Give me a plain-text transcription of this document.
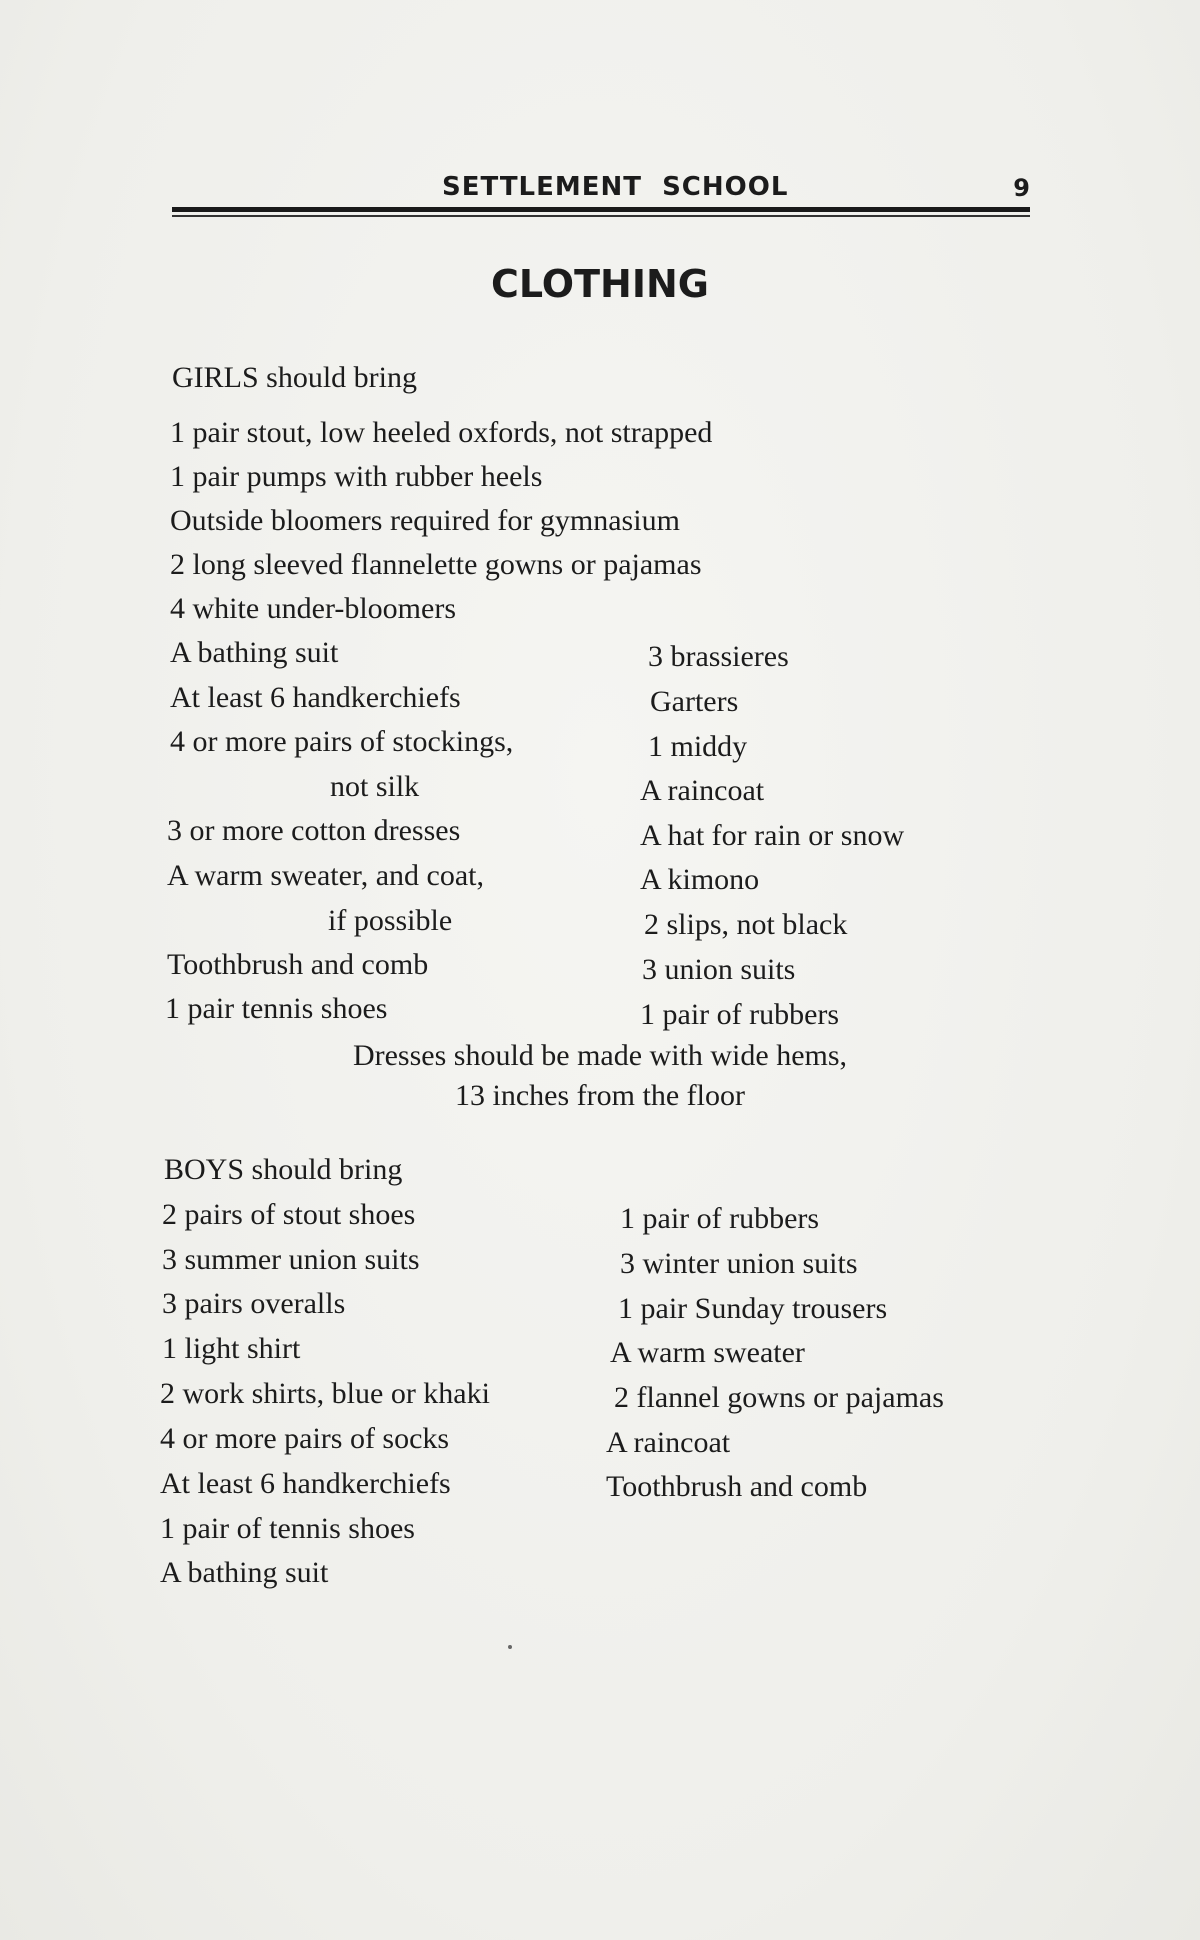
SETTLEMENT SCHOOL	9
CLOTHING
GIRLS should bring
1 pair stout, low heeled oxfords, not strapped
1 pair pumps with rubber heels
Outside bloomers required for gymnasium
2 long sleeved flannelette gowns or pajamas
4 white under-bloomers
A bathing suit
At least 6 handkerchiefs
4 or more pairs of stockings,
not silk
3 or more cotton dresses
A warm sweater, and coat,
if possible
Toothbrush and comb
1 pair tennis shoes
3 brassieres
Garters
1 middy
A raincoat
A hat for rain or snow
A kimono
2 slips, not black
3 union suits
1 pair of rubbers
Dresses should be made with wide hems,
13 inches from the floor
BOYS should bring
2 pairs of stout shoes
3 summer union suits
3 pairs overalls
1 light shirt
2 work shirts, blue or khaki
4 or more pairs of socks
At least 6 handkerchiefs
1 pair of tennis shoes
A bathing suit
1 pair of rubbers
3 winter union suits
1 pair Sunday trousers
A warm sweater
2 flannel gowns or pajamas
A raincoat
Toothbrush and comb
